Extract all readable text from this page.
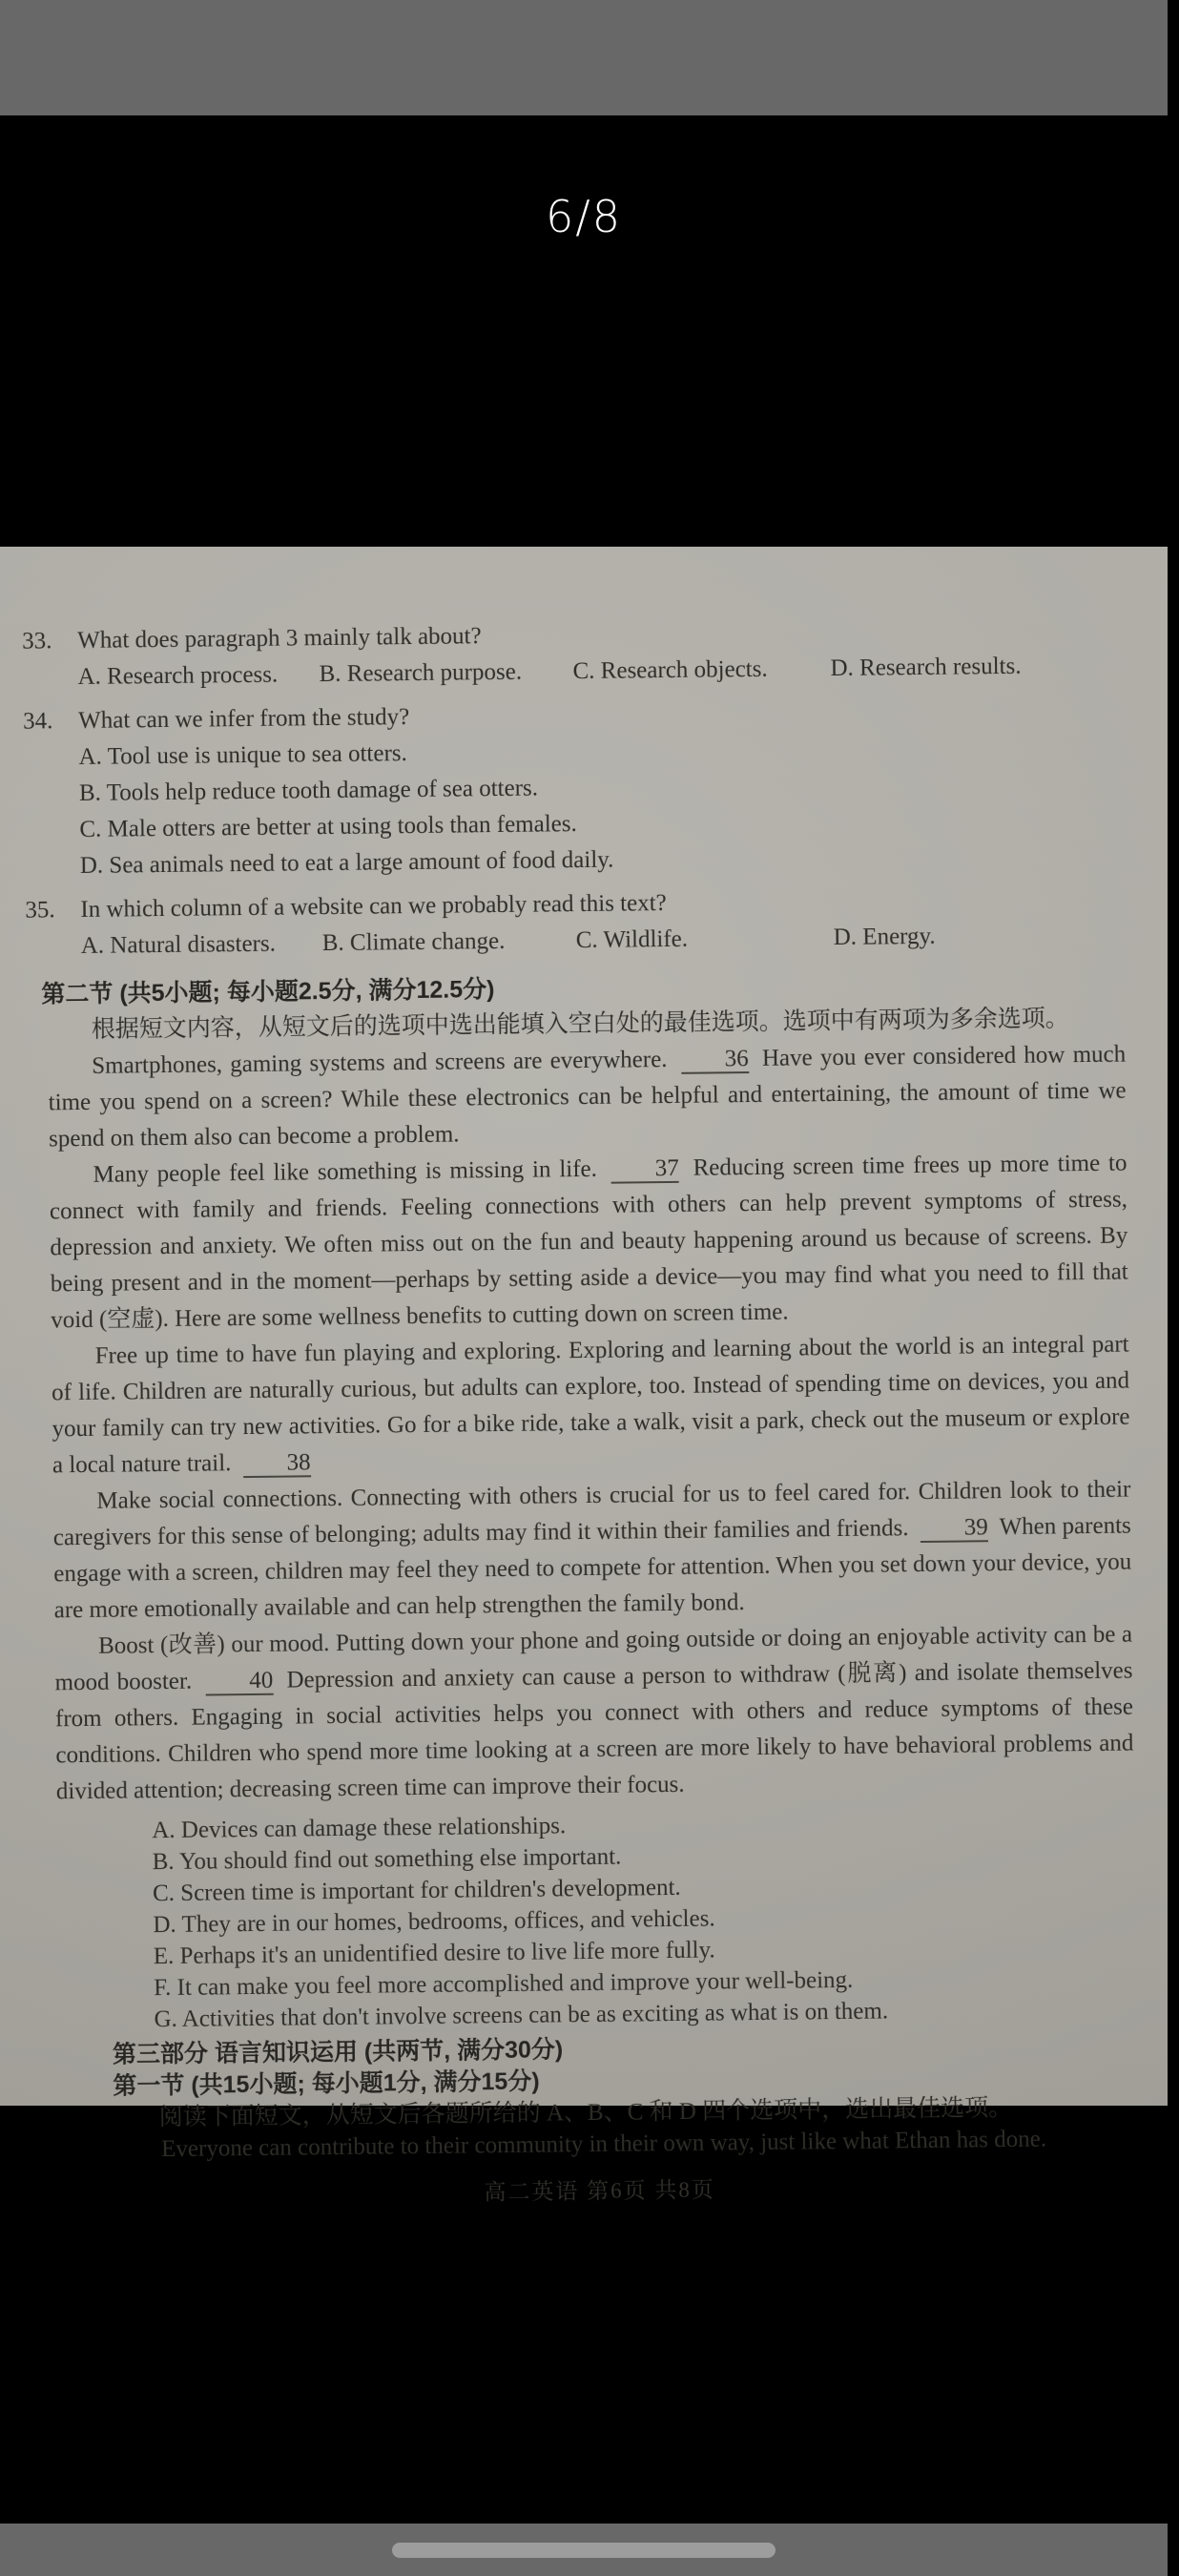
6/8
33.	What does paragraph 3 mainly talk about?
A. Research process.	B. Research purpose.	C. Research objects.	D. Research results.
34.	What can we infer from the study?
A. Tool use is unique to sea otters.
B. Tools help reduce tooth damage of sea otters.
C. Male otters are better at using tools than females.
D. Sea animals need to eat a large amount of food daily.
35.	In which column of a website can we probably read this text?
A. Natural disasters.	B. Climate change.	C. Wildlife.	D. Energy.
第二节 (共5小题; 每小题2.5分, 满分12.5分)
根据短文内容，从短文后的选项中选出能填入空白处的最佳选项。选项中有两项为多余选项。
Smartphones, gaming systems and screens are everywhere. 36 Have you ever considered how much time you spend on a screen? While these electronics can be helpful and entertaining, the amount of time we spend on them also can become a problem.
Many people feel like something is missing in life. 37 Reducing screen time frees up more time to connect with family and friends. Feeling connections with others can help prevent symptoms of stress, depression and anxiety. We often miss out on the fun and beauty happening around us because of screens. By being present and in the moment—perhaps by setting aside a device—you may find what you need to fill that void (空虚). Here are some wellness benefits to cutting down on screen time.
Free up time to have fun playing and exploring. Exploring and learning about the world is an integral part of life. Children are naturally curious, but adults can explore, too. Instead of spending time on devices, you and your family can try new activities. Go for a bike ride, take a walk, visit a park, check out the museum or explore a local nature trail. 38
Make social connections. Connecting with others is crucial for us to feel cared for. Children look to their caregivers for this sense of belonging; adults may find it within their families and friends. 39 When parents engage with a screen, children may feel they need to compete for attention. When you set down your device, you are more emotionally available and can help strengthen the family bond.
Boost (改善) our mood. Putting down your phone and going outside or doing an enjoyable activity can be a mood booster. 40 Depression and anxiety can cause a person to withdraw (脱离) and isolate themselves from others. Engaging in social activities helps you connect with others and reduce symptoms of these conditions. Children who spend more time looking at a screen are more likely to have behavioral problems and divided attention; decreasing screen time can improve their focus.
A. Devices can damage these relationships.
B. You should find out something else important.
C. Screen time is important for children's development.
D. They are in our homes, bedrooms, offices, and vehicles.
E. Perhaps it's an unidentified desire to live life more fully.
F. It can make you feel more accomplished and improve your well-being.
G. Activities that don't involve screens can be as exciting as what is on them.
第三部分 语言知识运用 (共两节, 满分30分)
第一节 (共15小题; 每小题1分, 满分15分)
阅读下面短文，从短文后各题所给的 A、B、C 和 D 四个选项中，选出最佳选项。
Everyone can contribute to their community in their own way, just like what Ethan has done.
高二英语 第6页 共8页
